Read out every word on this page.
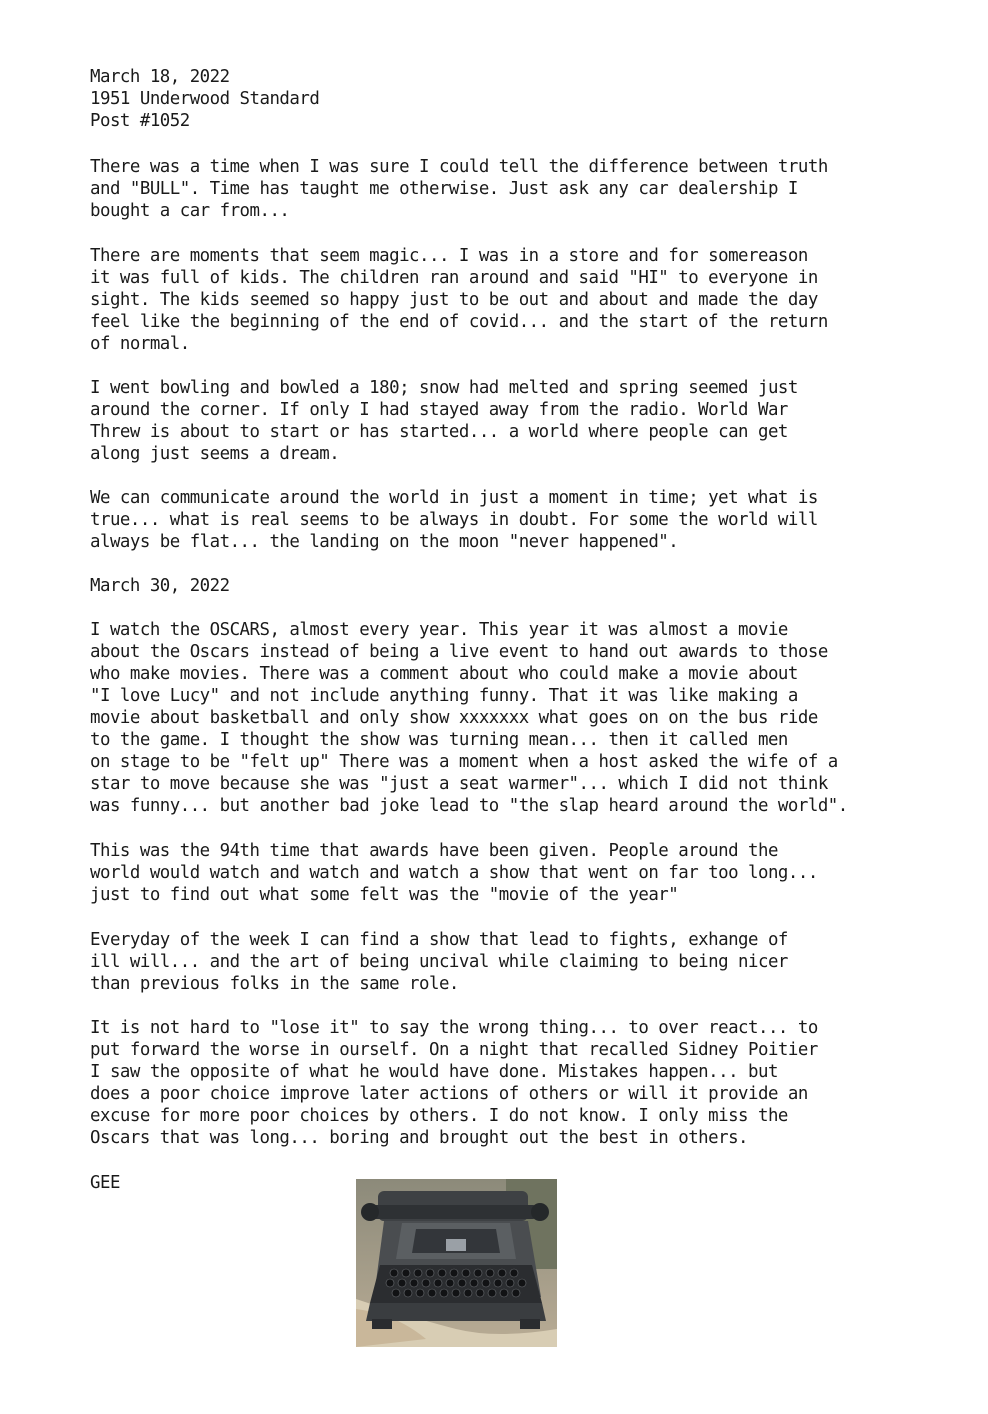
March 18, 2022
1951 Underwood Standard
Post #1052
There was a time when I was sure I could tell the difference between truth
and "BULL". Time has taught me otherwise. Just ask any car dealership I
bought a car from...
There are moments that seem magic... I was in a store and for somereason
it was full of kids. The children ran around and said "HI" to everyone in
sight. The kids seemed so happy just to be out and about and made the day
feel like the beginning of the end of covid... and the start of the return
of normal.
I went bowling and bowled a 180; snow had melted and spring seemed just
around the corner. If only I had stayed away from the radio. World War
Threw is about to start or has started... a world where people can get
along just seems a dream.
We can communicate around the world in just a moment in time; yet what is
true... what is real seems to be always in doubt. For some the world will
always be flat... the landing on the moon "never happened".
March 30, 2022
I watch the OSCARS, almost every year. This year it was almost a movie
about the Oscars instead of being a live event to hand out awards to those
who make movies. There was a comment about who could make a movie about
"I love Lucy" and not include anything funny. That it was like making a
movie about basketball and only show xxxxxxx what goes on on the bus ride
to the game. I thought the show was turning mean... then it called men
on stage to be "felt up" There was a moment when a host asked the wife of a
star to move because she was "just a seat warmer"... which I did not think
was funny... but another bad joke lead to "the slap heard around the world".
This was the 94th time that awards have been given. People around the
world would watch and watch and watch a show that went on far too long...
just to find out what some felt was the "movie of the year"
Everyday of the week I can find a show that lead to fights, exhange of
ill will... and the art of being uncival while claiming to being nicer
than previous folks in the same role.
It is not hard to "lose it" to say the wrong thing... to over react... to
put forward the worse in ourself. On a night that recalled Sidney Poitier
I saw the opposite of what he would have done. Mistakes happen... but
does a poor choice improve later actions of others or will it provide an
excuse for more poor choices by others. I do not know. I only miss the
Oscars that was long... boring and brought out the best in others.
GEE
